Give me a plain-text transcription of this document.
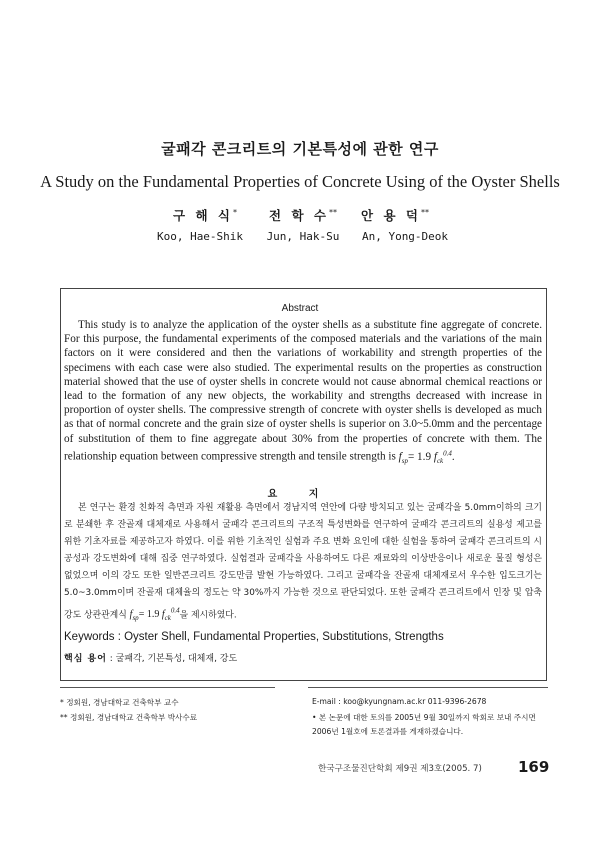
굴패각 콘크리트의 기본특성에 관한 연구
A Study on the Fundamental Properties of Concrete Using of the Oyster Shells
구 해 식*	전 학 수**	안 용 덕**
Koo, Hae-Shik	Jun, Hak-Su	An, Yong-Deok
Abstract

This study is to analyze the application of the oyster shells as a substitute fine aggregate of concrete. For this purpose, the fundamental experiments of the composed materials and the variations of the main factors on it were considered and then the variations of workability and strength properties of the specimens with each case were also studied. The experimental results on the properties as construction material showed that the use of oyster shells in concrete would not cause abnormal chemical reactions or lead to the formation of any new objects, the workability and strengths decreased with increase in proportion of oyster shells. The compressive strength of concrete with oyster shells is developed as much as that of normal concrete and the grain size of oyster shells is superior on 3.0~5.0mm and the percentage of substitution of them to fine aggregate about 30% from the properties of concrete with them. The relationship equation between compressive strength and tensile strength is $f_{sp}= 1.9$ $f_{ck}^{0.4}$.

요 지

본 연구는 환경 친화적 측면과 자원 재활용 측면에서 경남지역 연안에 다량 방치되고 있는 굴패각을 5.0mm이하의 크기로 분쇄한 후 잔골재 대체재로 사용해서 굴패각 콘크리트의 구조적 특성변화를 연구하여 굴패각 콘크리트의 실용성 제고를 위한 기초자료를 제공하고자 하였다. 이를 위한 기초적인 실험과 주요 변화 요인에 대한 실험을 통하여 굴패각 콘크리트의 시공성과 강도변화에 대해 집중 연구하였다. 실험결과 굴패각을 사용하여도 다른 재료와의 이상반응이나 새로운 물질 형성은 없었으며 이의 강도 또한 일반콘크리트 강도만큼 발현 가능하였다. 그리고 굴패각을 잔골재 대체재로서 우수한 입도크기는 5.0~3.0mm이며 잔골재 대체율의 정도는 약 30%까지 가능한 것으로 판단되었다. 또한 굴패각 콘크리트에서 인장 및 압축강도 상관관계식 $f_{sp}= 1.9$ $f_{ck}^{0.4}$을 제시하였다.

Keywords : Oyster Shell, Fundamental Properties, Substitutions, Strengths
핵심 용어 : 굴패각, 기본특성, 대체재, 강도
* 정회원, 경남대학교 건축학부 교수
** 정회원, 경남대학교 건축학부 박사수료
E-mail : koo@kyungnam.ac.kr 011-9396-2678
• 본 논문에 대한 토의를 2005년 9월 30일까지 학회로 보내 주시면 2006년 1월호에 토론결과를 게재하겠습니다.
한국구조물진단학회 제9권 제3호(2005. 7) 169
